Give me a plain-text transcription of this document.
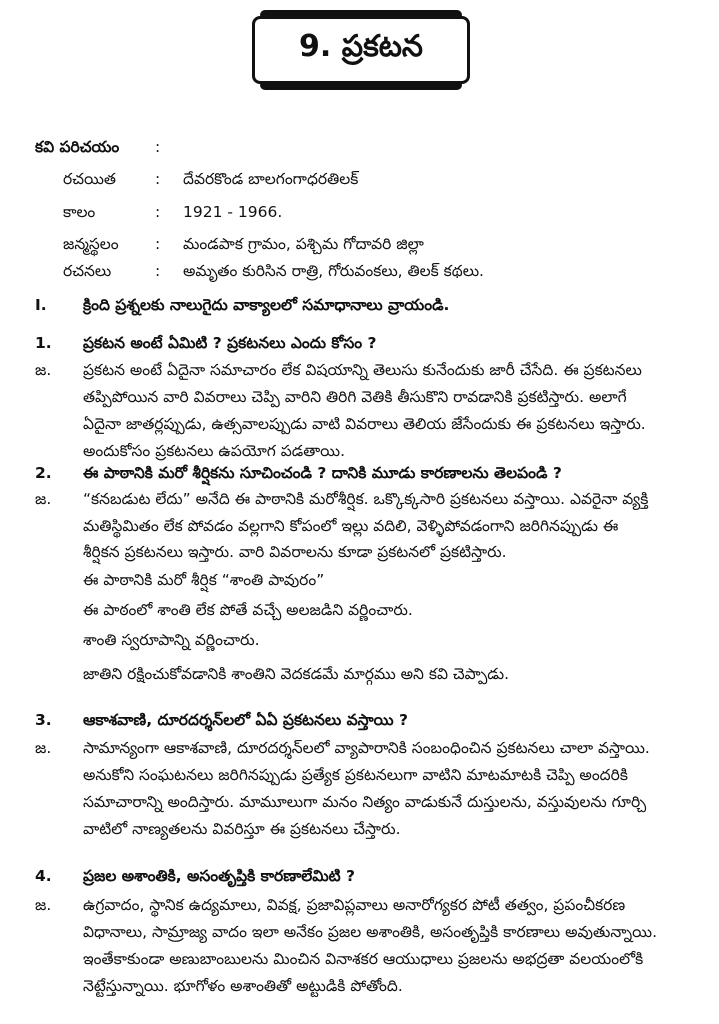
9. ప్రకటన
కవి పరిచయం :
రచయిత	: దేవరకొండ బాలగంగాధరతిలక్
కాలం	: 1921 - 1966.
జన్మస్థలం : మండపాక గ్రామం, పశ్చిమ గోదావరి జిల్లా
రచనలు	: అమృతం కురిసిన రాత్రి, గోరువంకలు, తిలక్ కథలు.
I. క్రింది ప్రశ్నలకు నాలుగైదు వాక్యాలలో సమాధానాలు వ్రాయండి.
1. ప్రకటన అంటే ఏమిటి ? ప్రకటనలు ఎందు కోసం ?
జ. ప్రకటన అంటే ఏదైనా సమాచారం లేక విషయాన్ని తెలుసు కునేందుకు జారీ చేసేది. ఈ ప్రకటనలు
తప్పిపోయిన వారి వివరాలు చెప్పి వారిని తిరిగి వెతికి తీసుకొని రావడానికి ప్రకటిస్తారు. అలాగే
ఏదైనా జాతర్లప్పుడు, ఉత్సవాలప్పుడు వాటి వివరాలు తెలియ జేసేందుకు ఈ ప్రకటనలు ఇస్తారు.
అందుకోసం ప్రకటనలు ఉపయోగ పడతాయి.
2. ఈ పాఠానికి మరో శీర్షికను సూచించండి ? దానికి మూడు కారణాలను తెలపండి ?
జ. “కనబడుట లేదు” అనేది ఈ పాఠానికి మరోశీర్షిక. ఒక్కొక్కసారి ప్రకటనలు వస్తాయి. ఎవరైనా వ్యక్తి
మతిస్థిమితం లేక పోవడం వల్లగాని కోపంలో ఇల్లు వదిలి, వెళ్ళిపోవడంగాని జరిగినప్పుడు ఈ
శీర్షికన ప్రకటనలు ఇస్తారు. వారి వివరాలను కూడా ప్రకటనలో ప్రకటిస్తారు.
ఈ పాఠానికి మరో శీర్షిక “శాంతి పావురం”
ఈ పాఠంలో శాంతి లేక పోతే వచ్చే అలజడిని వర్ణించారు.
శాంతి స్వరూపాన్ని వర్ణించారు.
జాతిని రక్షించుకోవడానికి శాంతిని వెదకడమే మార్గము అని కవి చెప్పాడు.
3. ఆకాశవాణి, దూరదర్శన్‌లలో ఏఏ ప్రకటనలు వస్తాయి ?
జ. సామాన్యంగా ఆకాశవాణి, దూరదర్శన్‌లలో వ్యాపారానికి సంబంధించిన ప్రకటనలు చాలా వస్తాయి.
అనుకోని సంఘటనలు జరిగినప్పుడు ప్రత్యేక ప్రకటనలుగా వాటిని మాటమాటకి చెప్పి అందరికి
సమాచారాన్ని అందిస్తారు. మామూలుగా మనం నిత్యం వాడుకునే దుస్తులను, వస్తువులను గూర్చి
వాటిలో నాణ్యతలను వివరిస్తూ ఈ ప్రకటనలు చేస్తారు.
4. ప్రజల అశాంతికి, అసంతృప్తికి కారణాలేమిటి ?
జ. ఉగ్రవాదం, స్థానిక ఉద్యమాలు, వివక్ష, ప్రజావిప్లవాలు అనారోగ్యకర పోటీ తత్వం, ప్రపంచీకరణ
విధానాలు, సామ్రాజ్య వాదం ఇలా అనేకం ప్రజల అశాంతికి, అసంతృప్తికి కారణాలు అవుతున్నాయి.
ఇంతేకాకుండా అణుబాంబులను మించిన వినాశకర ఆయుధాలు ప్రజలను అభద్రతా వలయంలోకి
నెట్టేస్తున్నాయి. భూగోళం అశాంతితో అట్టుడికి పోతోంది.
